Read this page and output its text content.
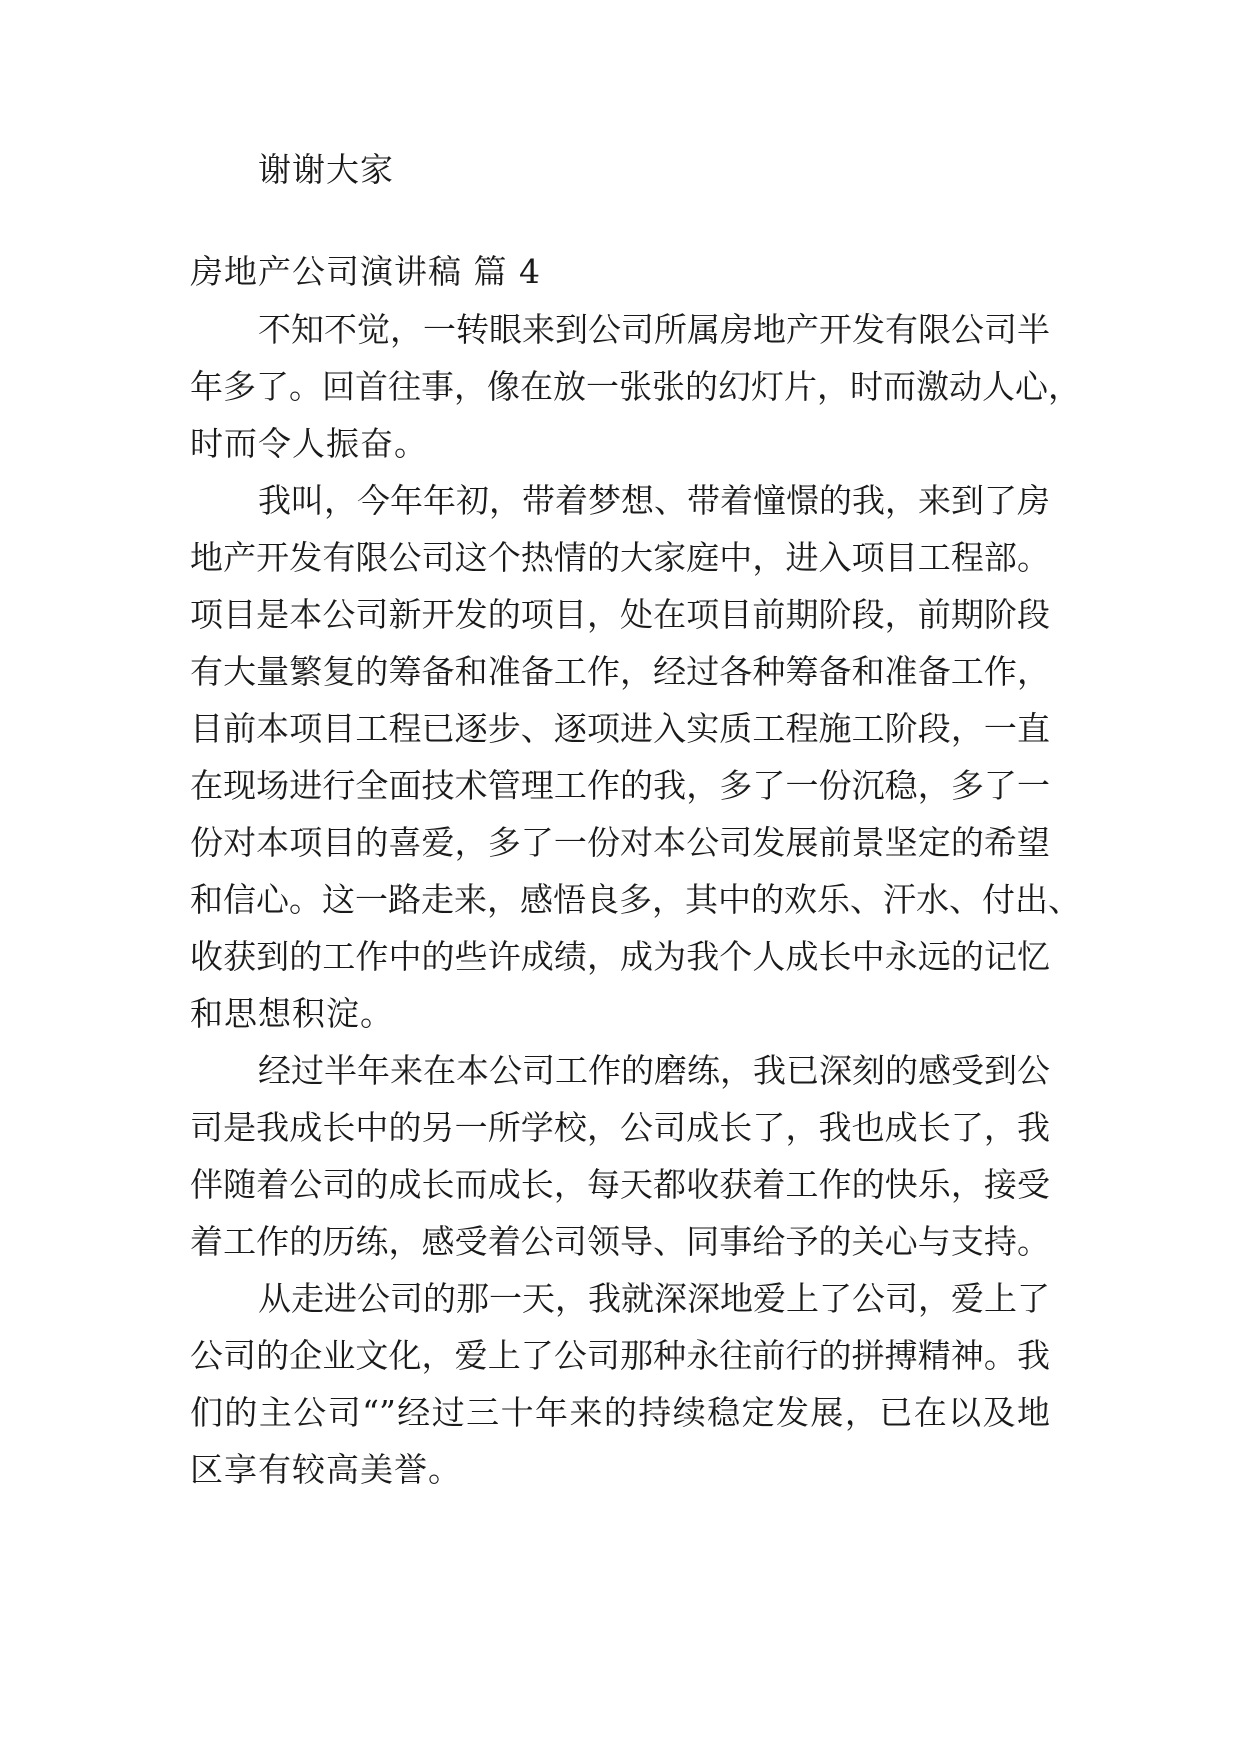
谢谢大家
房地产公司演讲稿 篇 4
不知不觉，一转眼来到公司所属房地产开发有限公司半
年多了。回首往事，像在放一张张的幻灯片，时而激动人心，
时而令人振奋。
我叫，今年年初，带着梦想、带着憧憬的我，来到了房
地产开发有限公司这个热情的大家庭中，进入项目工程部。
项目是本公司新开发的项目，处在项目前期阶段，前期阶段
有大量繁复的筹备和准备工作，经过各种筹备和准备工作，
目前本项目工程已逐步、逐项进入实质工程施工阶段，一直
在现场进行全面技术管理工作的我，多了一份沉稳，多了一
份对本项目的喜爱，多了一份对本公司发展前景坚定的希望
和信心。这一路走来，感悟良多，其中的欢乐、汗水、付出、
收获到的工作中的些许成绩，成为我个人成长中永远的记忆
和思想积淀。
经过半年来在本公司工作的磨练，我已深刻的感受到公
司是我成长中的另一所学校，公司成长了，我也成长了，我
伴随着公司的成长而成长，每天都收获着工作的快乐，接受
着工作的历练，感受着公司领导、同事给予的关心与支持。
从走进公司的那一天，我就深深地爱上了公司，爱上了
公司的企业文化，爱上了公司那种永往前行的拼搏精神。我
们的主公司“”经过三十年来的持续稳定发展，已在以及地
区享有较高美誉。
